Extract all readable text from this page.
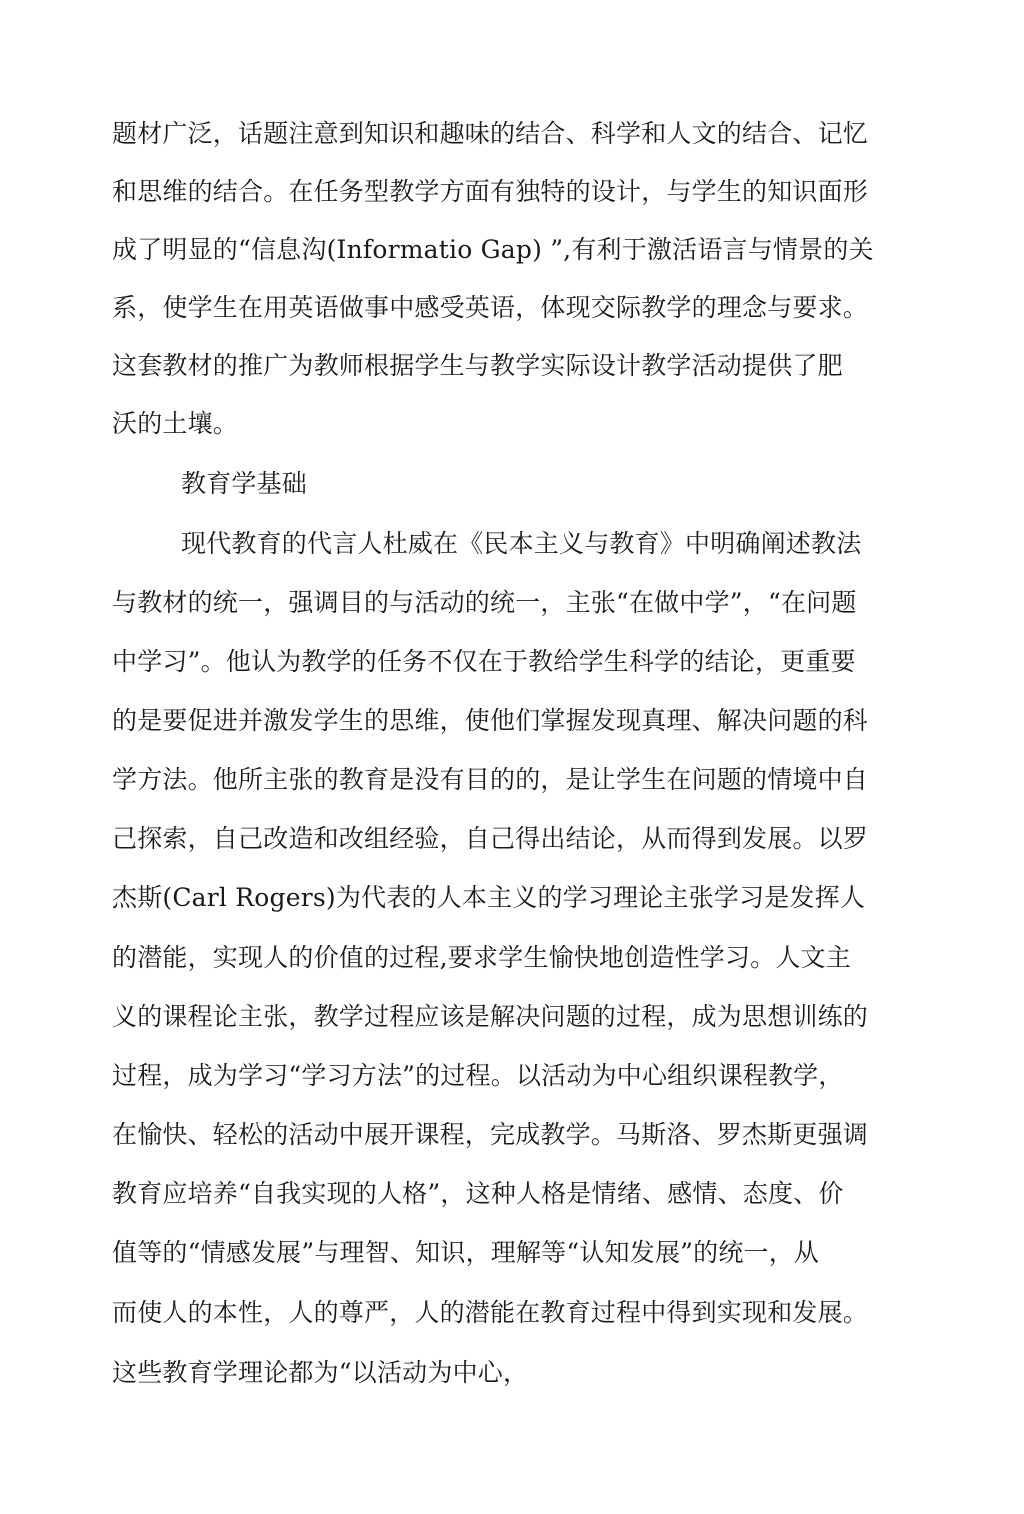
题材广泛，话题注意到知识和趣味的结合、科学和人文的结合、记忆
和思维的结合。在任务型教学方面有独特的设计，与学生的知识面形
成了明显的“信息沟(Informatio Gap) ”,有利于激活语言与情景的关
系，使学生在用英语做事中感受英语，体现交际教学的理念与要求。
这套教材的推广为教师根据学生与教学实际设计教学活动提供了肥
沃的土壤。
教育学基础
现代教育的代言人杜威在《民本主义与教育》中明确阐述教法
与教材的统一，强调目的与活动的统一，主张“在做中学”，“在问题
中学习”。他认为教学的任务不仅在于教给学生科学的结论，更重要
的是要促进并激发学生的思维，使他们掌握发现真理、解决问题的科
学方法。他所主张的教育是没有目的的，是让学生在问题的情境中自
己探索，自己改造和改组经验，自己得出结论，从而得到发展。以罗
杰斯(Carl Rogers)为代表的人本主义的学习理论主张学习是发挥人
的潜能，实现人的价值的过程,要求学生愉快地创造性学习。人文主
义的课程论主张，教学过程应该是解决问题的过程，成为思想训练的
过程，成为学习“学习方法”的过程。以活动为中心组织课程教学，
在愉快、轻松的活动中展开课程，完成教学。马斯洛、罗杰斯更强调
教育应培养“自我实现的人格”，这种人格是情绪、感情、态度、价
值等的“情感发展”与理智、知识，理解等“认知发展”的统一，从
而使人的本性，人的尊严，人的潜能在教育过程中得到实现和发展。
这些教育学理论都为“以活动为中心，
